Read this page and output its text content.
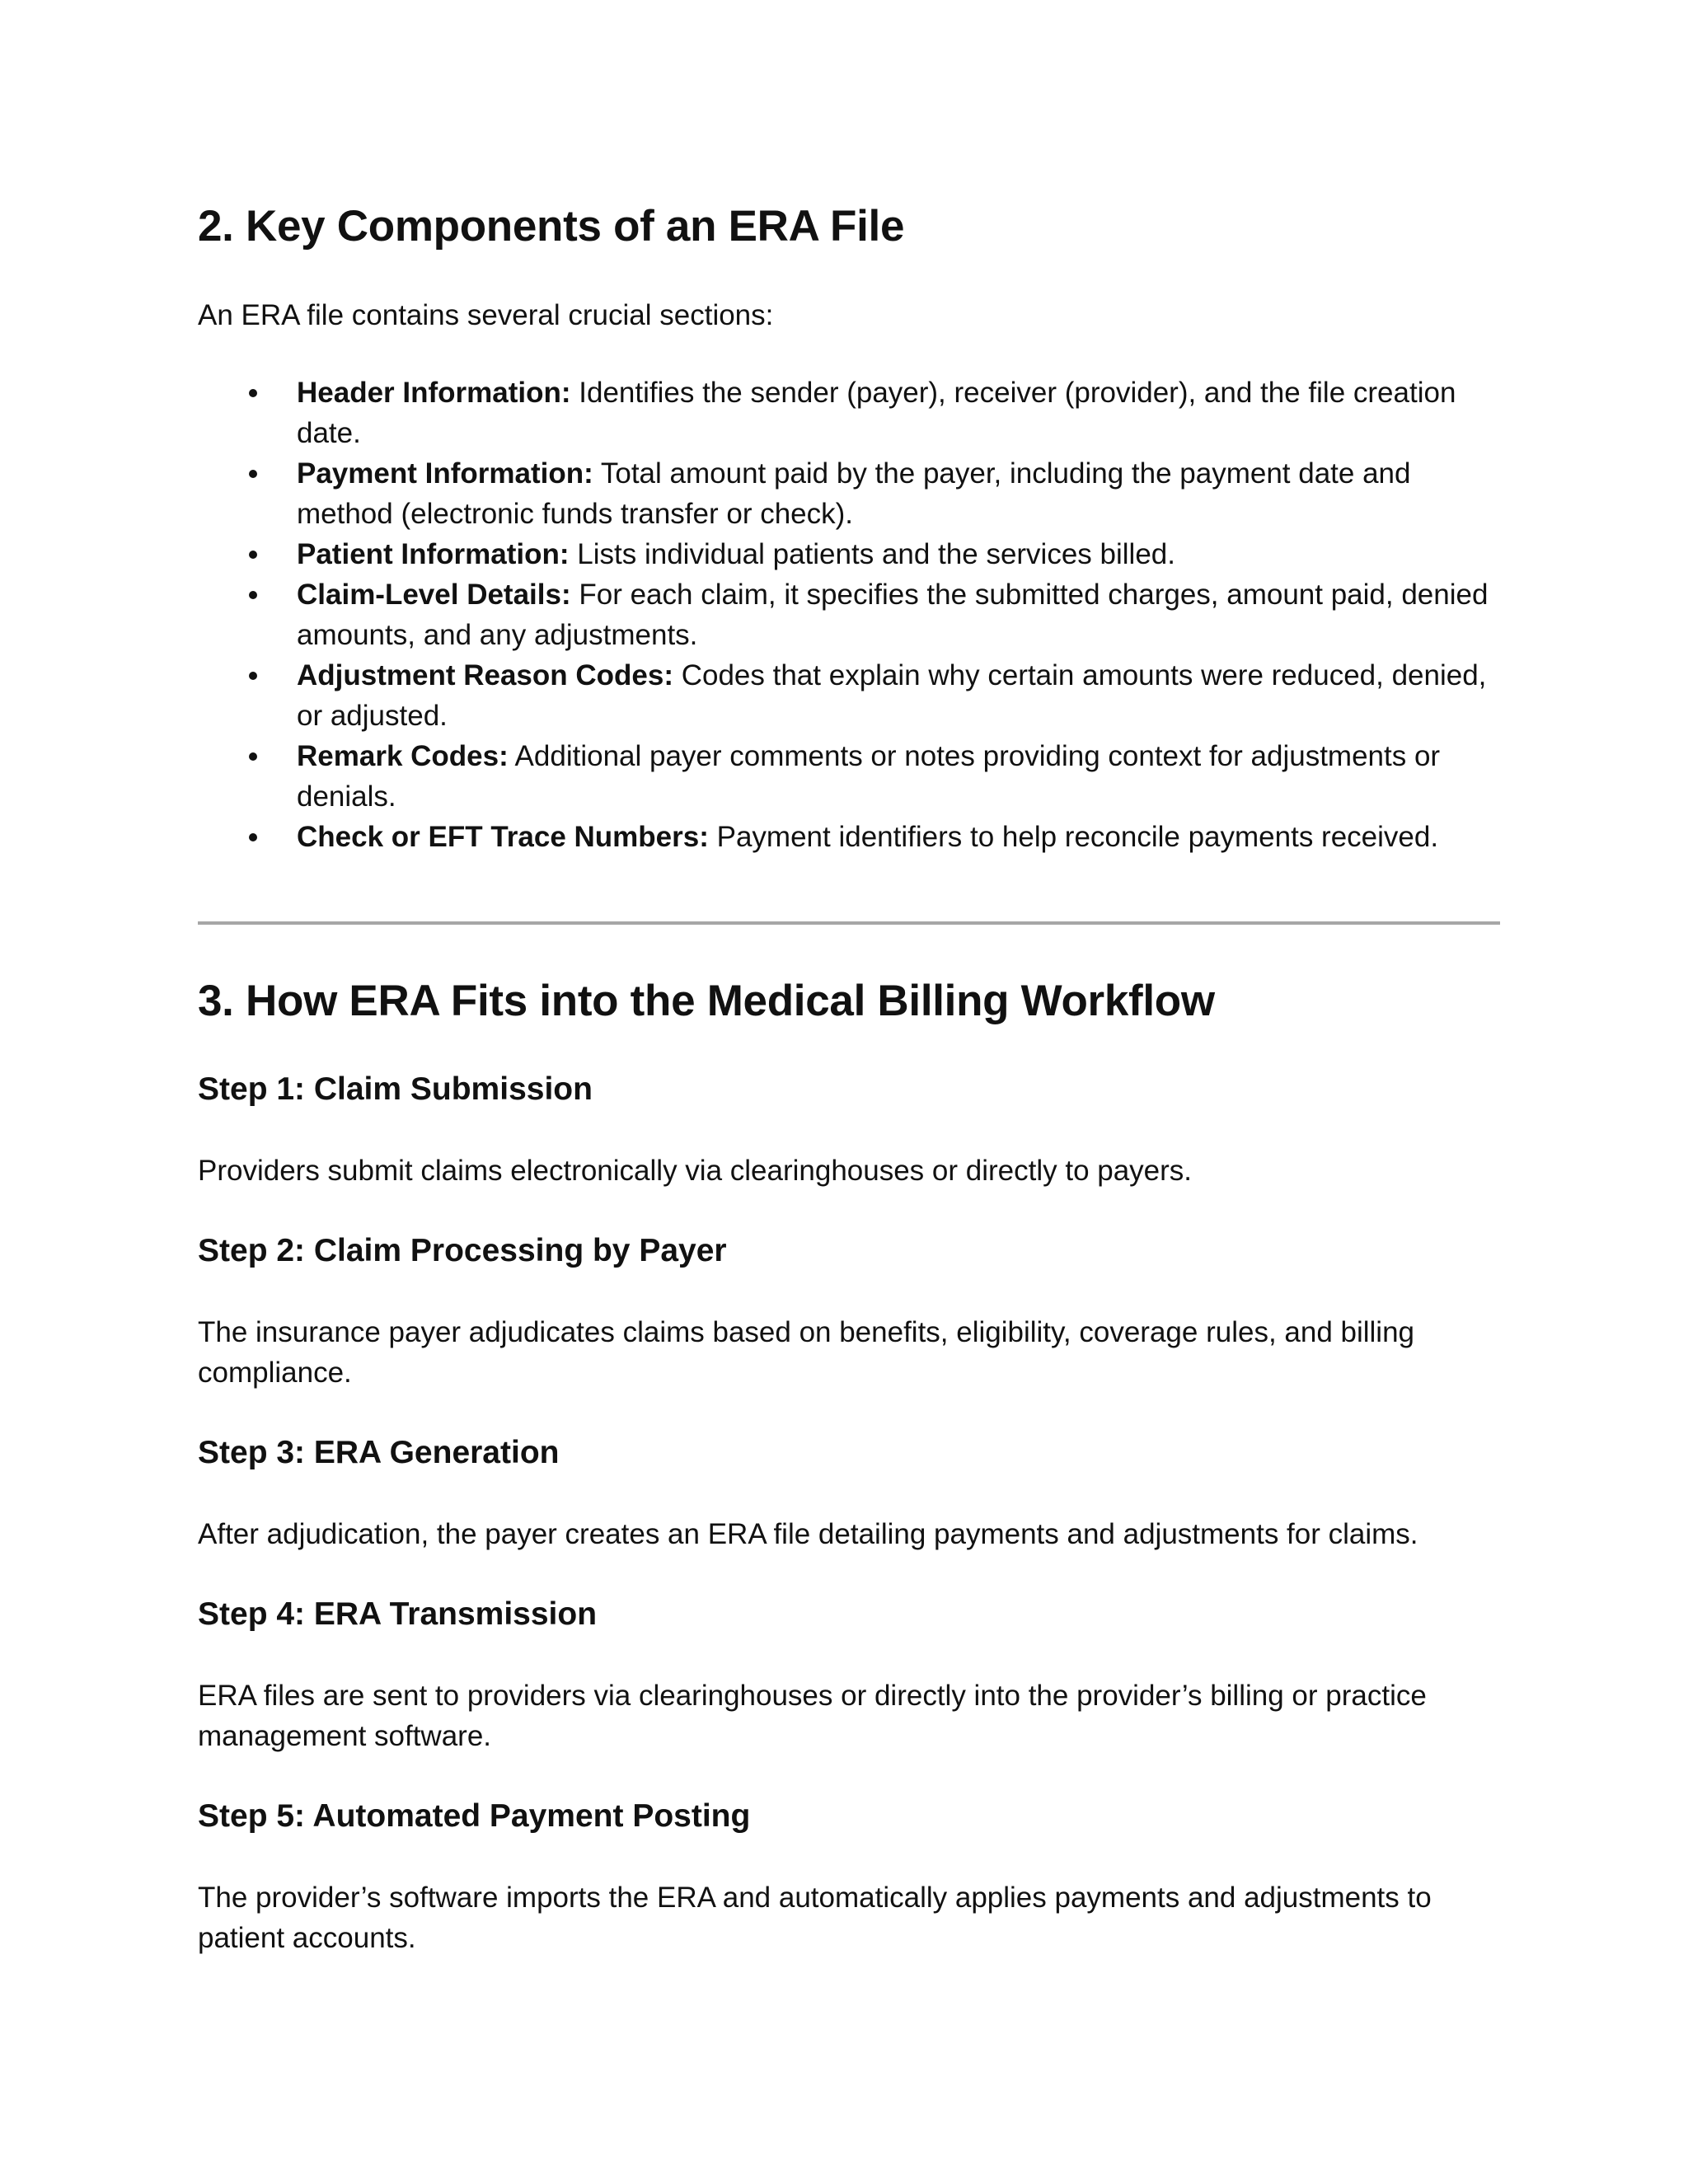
2. Key Components of an ERA File

An ERA file contains several crucial sections:

Header Information: Identifies the sender (payer), receiver (provider), and the file creation date.
Payment Information: Total amount paid by the payer, including the payment date and method (electronic funds transfer or check).
Patient Information: Lists individual patients and the services billed.
Claim-Level Details: For each claim, it specifies the submitted charges, amount paid, denied amounts, and any adjustments.
Adjustment Reason Codes: Codes that explain why certain amounts were reduced, denied, or adjusted.
Remark Codes: Additional payer comments or notes providing context for adjustments or denials.
Check or EFT Trace Numbers: Payment identifiers to help reconcile payments received.
3. How ERA Fits into the Medical Billing Workflow
Step 1: Claim Submission

Providers submit claims electronically via clearinghouses or directly to payers.

Step 2: Claim Processing by Payer

The insurance payer adjudicates claims based on benefits, eligibility, coverage rules, and billing compliance.

Step 3: ERA Generation

After adjudication, the payer creates an ERA file detailing payments and adjustments for claims.

Step 4: ERA Transmission

ERA files are sent to providers via clearinghouses or directly into the provider’s billing or practice management software.

Step 5: Automated Payment Posting

The provider’s software imports the ERA and automatically applies payments and adjustments to patient accounts.
